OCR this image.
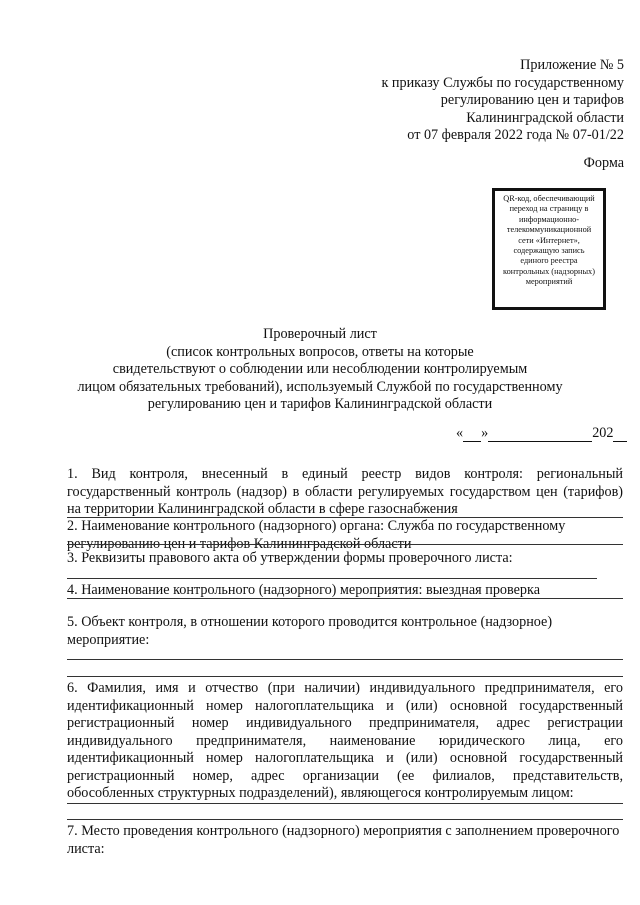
Приложение № 5
к приказу Службы по государственному
регулированию цен и тарифов
Калининградской области
от 07 февраля 2022 года № 07-01/22
Форма
QR-код, обеспечивающий переход на страницу в информационно-телекоммуникационной сети «Интернет», содержащую запись единого реестра контрольных (надзорных) мероприятий
Проверочный лист
(список контрольных вопросов, ответы на которые
свидетельствуют о соблюдении или несоблюдении контролируемым
лицом обязательных требований), используемый Службой по государственному
регулированию цен и тарифов Калининградской области
« »	202
1. Вид контроля, внесенный в единый реестр видов контроля: региональный государственный контроль (надзор) в области регулируемых государством цен (тарифов) на территории Калининградской области в сфере газоснабжения
2. Наименование контрольного (надзорного) органа: Служба по государственному регулированию цен и тарифов Калининградской области
3. Реквизиты правового акта об утверждении формы проверочного листа:
4. Наименование контрольного (надзорного) мероприятия: выездная проверка
5. Объект контроля, в отношении которого проводится контрольное (надзорное) мероприятие:
6. Фамилия, имя и отчество (при наличии) индивидуального предпринимателя, его идентификационный номер налогоплательщика и (или) основной государственный регистрационный номер индивидуального предпринимателя, адрес регистрации индивидуального предпринимателя, наименование юридического лица, его идентификационный номер налогоплательщика и (или) основной государственный регистрационный номер, адрес организации (ее филиалов, представительств, обособленных структурных подразделений), являющегося контролируемым лицом:
7. Место проведения контрольного (надзорного) мероприятия с заполнением проверочного листа:
